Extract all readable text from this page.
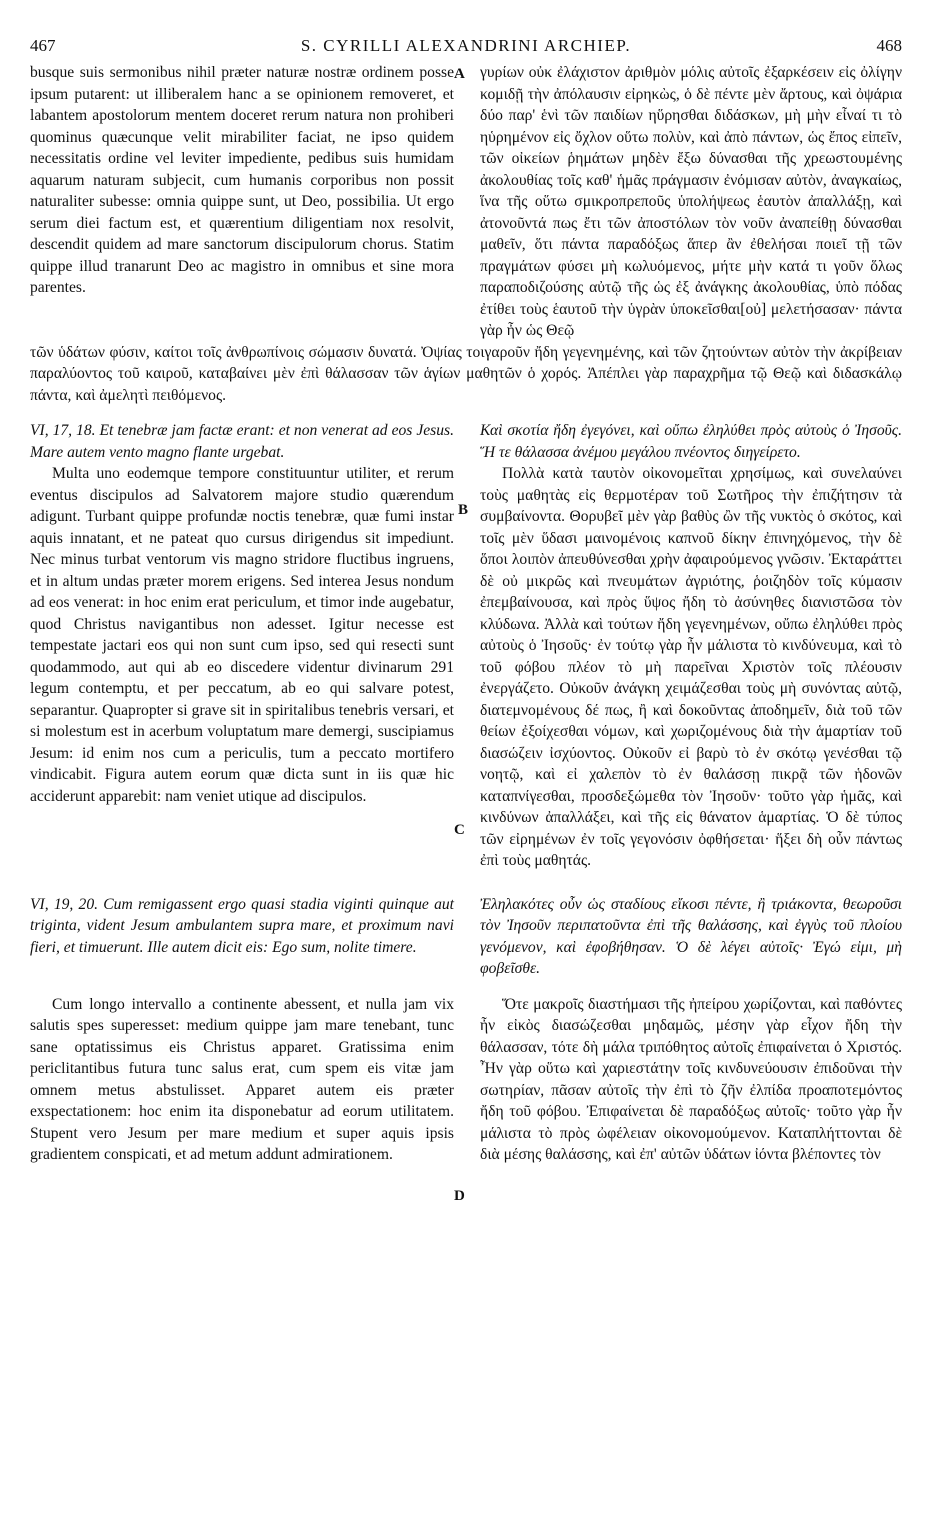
467	S. CYRILLI ALEXANDRINI ARCHIEP.	468
A
B
C
D

busque suis sermonibus nihil præter naturæ nostræ ordinem posse ipsum putarent: ut illiberalem hanc a se opinionem removeret, et labantem apostolorum mentem doceret rerum natura non prohiberi quominus quæcunque velit mirabiliter faciat, ne ipso quidem necessitatis ordine vel leviter impediente, pedibus suis humidam aquarum naturam subjecit, cum humanis corporibus non possit naturaliter subesse: omnia quippe sunt, ut Deo, possibilia. Ut ergo serum diei factum est, et quærentium diligentiam nox resolvit, descendit quidem ad mare sanctorum discipulorum chorus. Statim quippe illud tranarunt Deo ac magistro in omnibus et sine mora parentes.

γυρίων οὐκ ἐλάχιστον ἀριθμὸν μόλις αὐτοῖς ἐξαρκέσειν εἰς ὀλίγην κομιδῇ τὴν ἀπόλαυσιν εἰρηκὼς, ὁ δὲ πέντε μὲν ἄρτους, καὶ ὀψάρια δύο παρ' ἑνὶ τῶν παιδίων ηὕρησθαι διδάσκων, μὴ μὴν εἶναί τι τὸ ηὑρημένον εἰς ὄχλον οὕτω πολὺν, καὶ ἀπὸ πάντων, ὡς ἔπος εἰπεῖν, τῶν οἰκείων ῥημάτων μηδὲν ἔξω δύνασθαι τῆς χρεωστουμένης ἀκολουθίας τοῖς καθ' ἡμᾶς πράγμασιν ἐνόμισαν αὐτὸν, ἀναγκαίως, ἵνα τῆς οὕτω σμικροπρεποῦς ὑπολήψεως ἑαυτὸν ἀπαλλάξῃ, καὶ ἀτονοῦντά πως ἔτι τῶν ἀποστόλων τὸν νοῦν ἀναπείθῃ δύνασθαι μαθεῖν, ὅτι πάντα παραδόξως ἅπερ ἂν ἐθελήσαι ποιεῖ τῇ τῶν πραγμάτων φύσει μὴ κωλυόμενος, μήτε μὴν κατά τι γοῦν ὅλως παραποδιζούσης αὐτῷ τῆς ὡς ἐξ ἀνάγκης ἀκολουθίας, ὑπὸ πόδας ἐτίθει τοὺς ἑαυτοῦ τὴν ὑγρὰν ὑποκεῖσθαι[οὐ] μελετήσασαν· πάντα γὰρ ἦν ὡς Θεῷ

τῶν ὑδάτων φύσιν, καίτοι τοῖς ἀνθρωπίνοις σώμασιν δυνατά. Ὀψίας τοιγαροῦν ἤδη γεγενημένης, καὶ τῶν ζητούντων αὐτὸν τὴν ἀκρίβειαν παραλύοντος τοῦ καιροῦ, καταβαίνει μὲν ἐπὶ θάλασσαν τῶν ἁγίων μαθητῶν ὁ χορός. Ἀπέπλει γὰρ παραχρῆμα τῷ Θεῷ καὶ διδασκάλῳ πάντα, καὶ ἀμελητὶ πειθόμενος.

VI, 17, 18. Et tenebræ jam factæ erant: et non venerat ad eos Jesus. Mare autem vento magno flante urgebat.

Καὶ σκοτία ἤδη ἐγεγόνει, καὶ οὔπω ἐληλύθει πρὸς αὐτοὺς ὁ Ἰησοῦς. Ἥ τε θάλασσα ἀνέμου μεγάλου πνέοντος διηγείρετο.

Multa uno eodemque tempore constituuntur utiliter, et rerum eventus discipulos ad Salvatorem majore studio quærendum adigunt. Turbant quippe profundæ noctis tenebræ, quæ fumi instar aquis innatant, et ne pateat quo cursus dirigendus sit impediunt. Nec minus turbat ventorum vis magno stridore fluctibus ingruens, et in altum undas præter morem erigens. Sed interea Jesus nondum ad eos venerat: in hoc enim erat periculum, et timor inde augebatur, quod Christus navigantibus non adesset. Igitur necesse est tempestate jactari eos qui non sunt cum ipso, sed qui resecti sunt quodammodo, aut qui ab eo discedere videntur divinarum 291 legum contemptu, et per peccatum, ab eo qui salvare potest, separantur. Quapropter si grave sit in spiritalibus tenebris versari, et si molestum est in acerbum voluptatum mare demergi, suscipiamus Jesum: id enim nos cum a periculis, tum a peccato mortifero vindicabit. Figura autem eorum quæ dicta sunt in iis quæ hic acciderunt apparebit: nam veniet utique ad discipulos.

Πολλὰ κατὰ ταυτὸν οἰκονομεῖται χρησίμως, καὶ συνελαύνει τοὺς μαθητὰς εἰς θερμοτέραν τοῦ Σωτῆρος τὴν ἐπιζήτησιν τὰ συμβαίνοντα. Θορυβεῖ μὲν γὰρ βαθὺς ὢν τῆς νυκτὸς ὁ σκότος, καὶ τοῖς μὲν ὕδασι μαινομένοις καπνοῦ δίκην ἐπινηχόμενος, τὴν δὲ ὅποι λοιπὸν ἀπευθύνεσθαι χρὴν ἀφαιρούμενος γνῶσιν. Ἐκταράττει δὲ οὐ μικρῶς καὶ πνευμάτων ἀγριότης, ῥοιζηδὸν τοῖς κύμασιν ἐπεμβαίνουσα, καὶ πρὸς ὕψος ἤδη τὸ ἀσύνηθες διανιστῶσα τὸν κλύδωνα. Ἀλλὰ καὶ τούτων ἤδη γεγενημένων, οὔπω ἐληλύθει πρὸς αὐτοὺς ὁ Ἰησοῦς· ἐν τούτῳ γὰρ ἦν μάλιστα τὸ κινδύνευμα, καὶ τὸ τοῦ φόβου πλέον τὸ μὴ παρεῖναι Χριστὸν τοῖς πλέουσιν ἐνεργάζετο. Οὐκοῦν ἀνάγκη χειμάζεσθαι τοὺς μὴ συνόντας αὐτῷ, διατεμνομένους δέ πως, ἢ καὶ δοκοῦντας ἀποδημεῖν, διὰ τοῦ τῶν θείων ἐξοίχεσθαι νόμων, καὶ χωριζομένους διὰ τὴν ἁμαρτίαν τοῦ διασώζειν ἰσχύοντος. Οὐκοῦν εἰ βαρὺ τὸ ἐν σκότῳ γενέσθαι τῷ νοητῷ, καὶ εἰ χαλεπὸν τὸ ἐν θαλάσσῃ πικρᾷ τῶν ἡδονῶν καταπνίγεσθαι, προσδεξώμεθα τὸν Ἰησοῦν· τοῦτο γὰρ ἡμᾶς, καὶ κινδύνων ἀπαλλάξει, καὶ τῆς εἰς θάνατον ἁμαρτίας. Ὁ δὲ τύπος τῶν εἰρημένων ἐν τοῖς γεγονόσιν ὀφθήσεται· ἥξει δὴ οὖν πάντως ἐπὶ τοὺς μαθητάς.

VI, 19, 20. Cum remigassent ergo quasi stadia viginti quinque aut triginta, vident Jesum ambulantem supra mare, et proximum navi fieri, et timuerunt. Ille autem dicit eis: Ego sum, nolite timere.

Ἐληλακότες οὖν ὡς σταδίους εἴκοσι πέντε, ἢ τριάκοντα, θεωροῦσι τὸν Ἰησοῦν περιπατοῦντα ἐπὶ τῆς θαλάσσης, καὶ ἐγγὺς τοῦ πλοίου γενόμενον, καὶ ἐφοβήθησαν. Ὁ δὲ λέγει αὐτοῖς· Ἐγώ εἰμι, μὴ φοβεῖσθε.

Cum longo intervallo a continente abessent, et nulla jam vix salutis spes superesset: medium quippe jam mare tenebant, tunc sane optatissimus eis Christus apparet. Gratissima enim periclitantibus futura tunc salus erat, cum spem eis vitæ jam omnem metus abstulisset. Apparet autem eis præter exspectationem: hoc enim ita disponebatur ad eorum utilitatem. Stupent vero Jesum per mare medium et super aquis ipsis gradientem conspicati, et ad metum addunt admirationem.

Ὅτε μακροῖς διαστήμασι τῆς ἠπείρου χωρίζονται, καὶ παθόντες ἦν εἰκὸς διασώζεσθαι μηδαμῶς, μέσην γὰρ εἶχον ἤδη τὴν θάλασσαν, τότε δὴ μάλα τριπόθητος αὐτοῖς ἐπιφαίνεται ὁ Χριστός. Ἦν γὰρ οὕτω καὶ χαριεστάτην τοῖς κινδυνεύουσιν ἐπιδοῦναι τὴν σωτηρίαν, πᾶσαν αὐτοῖς τὴν ἐπὶ τὸ ζῆν ἐλπίδα προαποτεμόντος ἤδη τοῦ φόβου. Ἐπιφαίνεται δὲ παραδόξως αὐτοῖς· τοῦτο γὰρ ἦν μάλιστα τὸ πρὸς ὠφέλειαν οἰκονομούμενον. Καταπλήττονται δὲ διὰ μέσης θαλάσσης, καὶ ἐπ' αὐτῶν ὑδάτων ἰόντα βλέποντες τὸν
